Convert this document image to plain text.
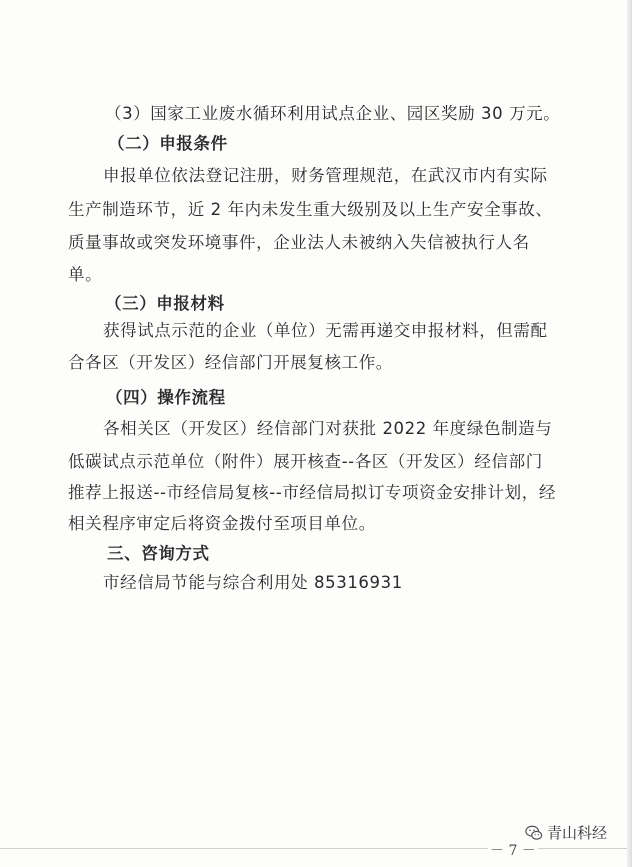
（3）国家工业废水循环利用试点企业、园区奖励 30 万元。
（二）申报条件
申报单位依法登记注册，财务管理规范，在武汉市内有实际
生产制造环节，近 2 年内未发生重大级别及以上生产安全事故、
质量事故或突发环境事件，企业法人未被纳入失信被执行人名
单。
（三）申报材料
获得试点示范的企业（单位）无需再递交申报材料，但需配
合各区（开发区）经信部门开展复核工作。
（四）操作流程
各相关区（开发区）经信部门对获批 2022 年度绿色制造与
低碳试点示范单位（附件）展开核查--各区（开发区）经信部门
推荐上报送--市经信局复核--市经信局拟订专项资金安排计划，经
相关程序审定后将资金拨付至项目单位。
三、咨询方式
市经信局节能与综合利用处 85316931
－ 7 －
青山科经
